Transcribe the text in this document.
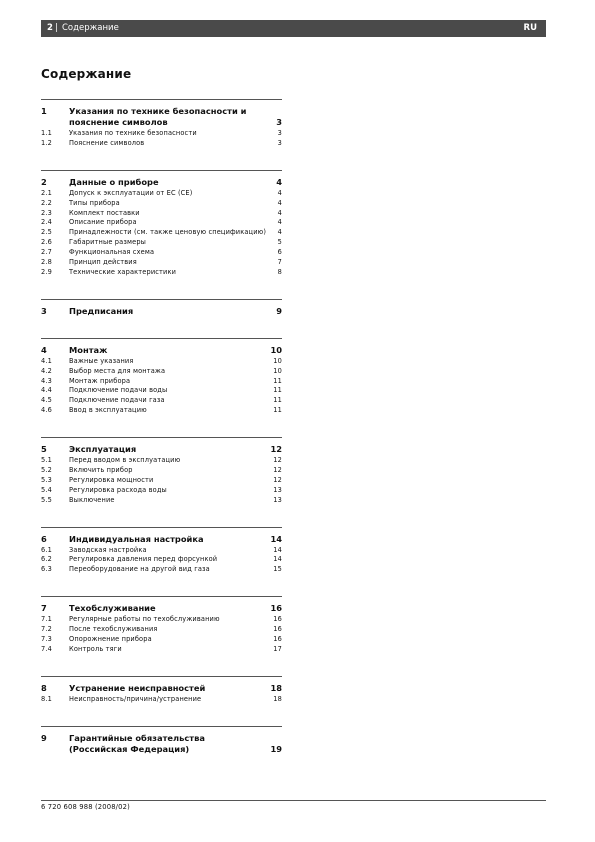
2 | Содержание	RU
Содержание
1	Указания по технике безопасности и пояснение символов	3
1.1	Указания по технике безопасности	3
1.2	Пояснение символов	3
2	Данные о приборе	4
2.1	Допуск к эксплуатации от ЕС (CE)	4
2.2	Типы прибора	4
2.3	Комплект поставки	4
2.4	Описание прибора	4
2.5	Принадлежности (см. также ценовую спецификацию) 4
2.6	Габаритные размеры	5
2.7	Функциональная схема	6
2.8	Принцип действия	7
2.9	Технические характеристики	8
3	Предписания	9
4	Монтаж	10
4.1	Важные указания	10
4.2	Выбор места для монтажа	10
4.3	Монтаж прибора	11
4.4	Подключение подачи воды	11
4.5	Подключение подачи газа	11
4.6	Ввод в эксплуатацию	11
5	Эксплуатация	12
5.1	Перед вводом в эксплуатацию	12
5.2	Включить прибор	12
5.3	Регулировка мощности	12
5.4	Регулировка расхода воды	13
5.5	Выключение	13
6	Индивидуальная настройка	14
6.1	Заводская настройка	14
6.2	Регулировка давления перед форсункой	14
6.3	Переоборудование на другой вид газа	15
7	Техобслуживание	16
7.1	Регулярные работы по техобслуживанию	16
7.2	После техобслуживания	16
7.3	Опорожнение прибора	16
7.4	Контроль тяги	17
8	Устранение неисправностей	18
8.1	Неисправность/причина/устранение	18
9	Гарантийные обязательства (Российская Федерация)	19
6 720 608 988 (2008/02)
